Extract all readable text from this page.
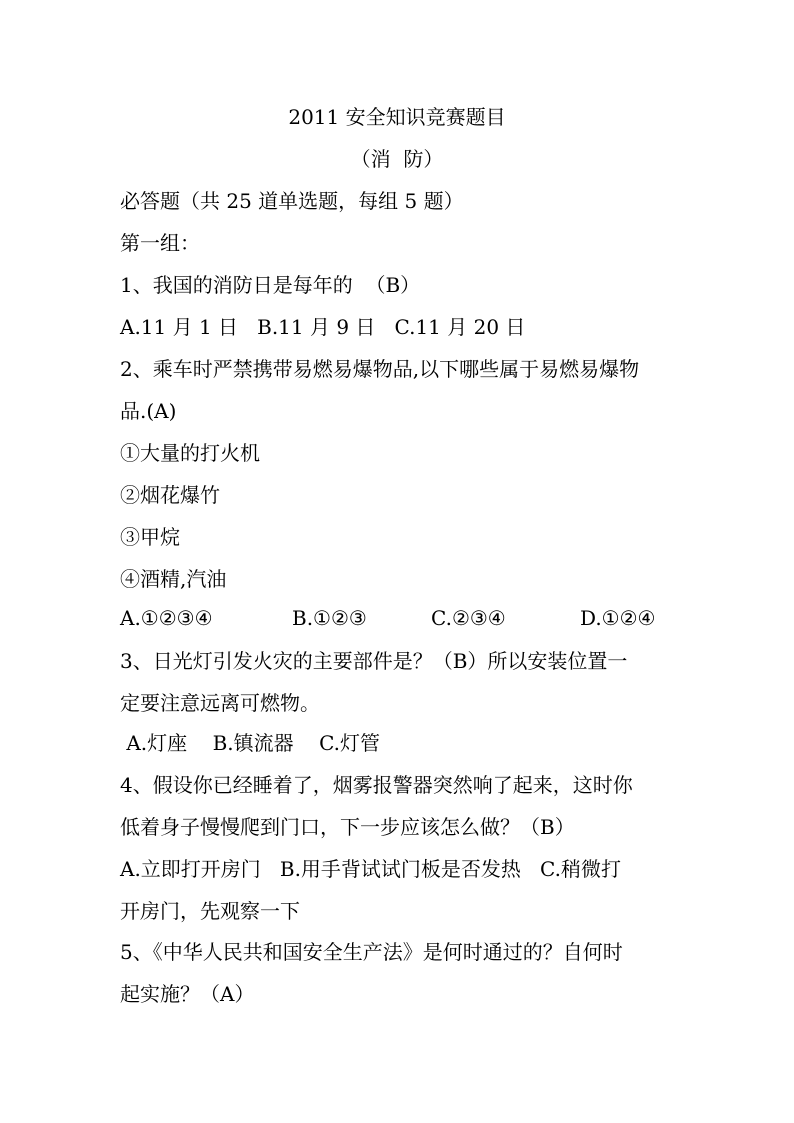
2011 安全知识竞赛题目
（消  防）
必答题（共 25 道单选题，每组 5 题）
第一组：
1、我国的消防日是每年的  （B）
A.11 月 1 日   B.11 月 9 日   C.11 月 20 日
2、乘车时严禁携带易燃易爆物品,以下哪些属于易燃易爆物
品.(A)
①大量的打火机
②烟花爆竹
③甲烷
④酒精,汽油
A.①②③④	B.①②③	C.②③④	D.①②④
3、日光灯引发火灾的主要部件是？（B）所以安装位置一
定要注意远离可燃物。
A.灯座    B.镇流器    C.灯管
4、假设你已经睡着了，烟雾报警器突然响了起来，这时你
低着身子慢慢爬到门口，下一步应该怎么做？（B）
A.立即打开房门   B.用手背试试门板是否发热   C.稍微打
开房门，先观察一下
5、《中华人民共和国安全生产法》是何时通过的？自何时
起实施？（A）
